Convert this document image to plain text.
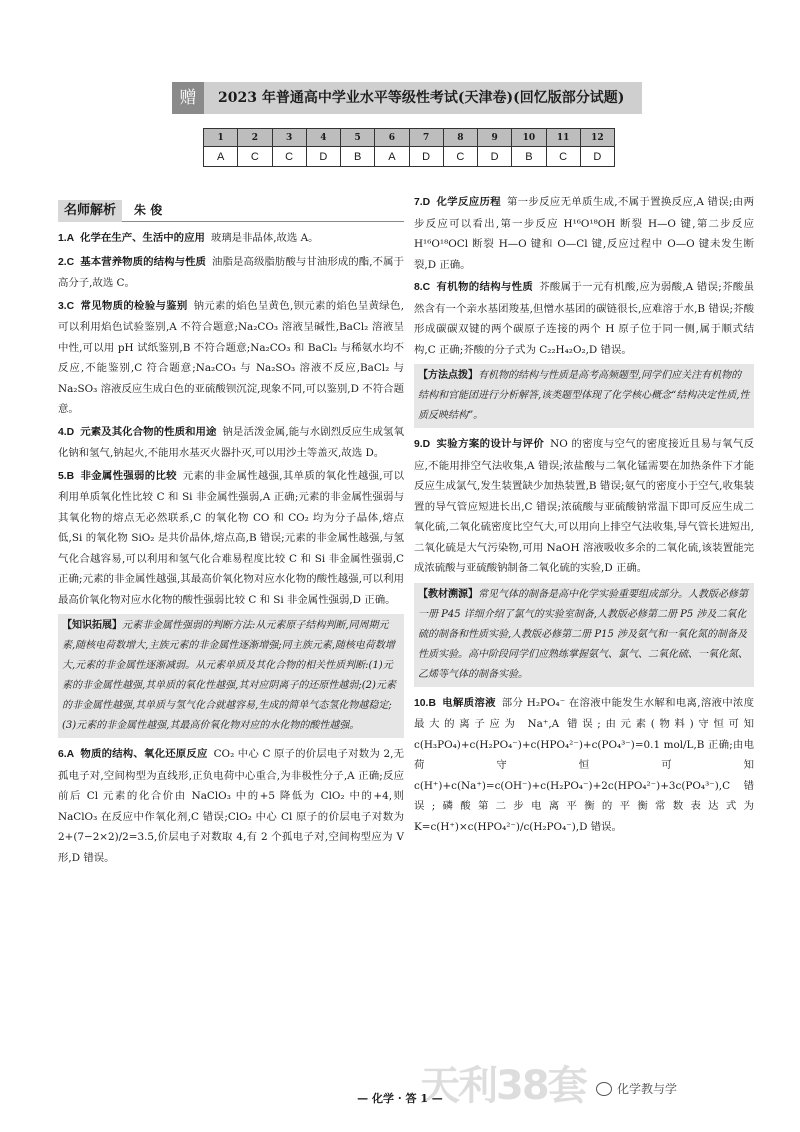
赠	2023 年普通高中学业水平等级性考试(天津卷)(回忆版部分试题)
1	2	3	4	5	6	7	8	9	10	11	12
A	C	C	D	B	A	D	C	D	B	C	D
名师解析	朱 俊
1.A 化学在生产、生活中的应用 玻璃是非晶体,故选 A。
2.C 基本营养物质的结构与性质 油脂是高级脂肪酸与甘油形成的酯,不属于高分子,故选 C。
3.C 常见物质的检验与鉴别 钠元素的焰色呈黄色,钡元素的焰色呈黄绿色,可以利用焰色试验鉴别,A 不符合题意;Na₂CO₃ 溶液呈碱性,BaCl₂ 溶液呈中性,可以用 pH 试纸鉴别,B 不符合题意;Na₂CO₃ 和 BaCl₂ 与稀氨水均不反应,不能鉴别,C 符合题意;Na₂CO₃ 与 Na₂SO₃ 溶液不反应,BaCl₂ 与 Na₂SO₃ 溶液反应生成白色的亚硫酸钡沉淀,现象不同,可以鉴别,D 不符合题意。
4.D 元素及其化合物的性质和用途 钠是活泼金属,能与水剧烈反应生成氢氧化钠和氢气,钠起火,不能用水基灭火器扑灭,可以用沙土等盖灭,故选 D。
5.B 非金属性强弱的比较 元素的非金属性越强,其单质的氧化性越强,可以利用单质氧化性比较 C 和 Si 非金属性强弱,A 正确;元素的非金属性强弱与其氧化物的熔点无必然联系,C 的氧化物 CO 和 CO₂ 均为分子晶体,熔点低,Si 的氧化物 SiO₂ 是共价晶体,熔点高,B 错误;元素的非金属性越强,与氢气化合越容易,可以利用和氢气化合难易程度比较 C 和 Si 非金属性强弱,C 正确;元素的非金属性越强,其最高价氧化物对应水化物的酸性越强,可以利用最高价氧化物对应水化物的酸性强弱比较 C 和 Si 非金属性强弱,D 正确。
【知识拓展】元素非金属性强弱的判断方法:从元素原子结构判断,同周期元素,随核电荷数增大,主族元素的非金属性逐渐增强;同主族元素,随核电荷数增大,元素的非金属性逐渐减弱。从元素单质及其化合物的相关性质判断:(1)元素的非金属性越强,其单质的氧化性越强,其对应阴离子的还原性越弱;(2)元素的非金属性越强,其单质与氢气化合就越容易,生成的简单气态氢化物越稳定;(3)元素的非金属性越强,其最高价氧化物对应的水化物的酸性越强。
6.A 物质的结构、氧化还原反应 CO₂ 中心 C 原子的价层电子对数为 2,无孤电子对,空间构型为直线形,正负电荷中心重合,为非极性分子,A 正确;反应前后 Cl 元素的化合价由 NaClO₃ 中的+5 降低为 ClO₂ 中的+4,则 NaClO₃ 在反应中作氧化剂,C 错误;ClO₂ 中心 Cl 原子的价层电子对数为 2+(7−2×2)/2=3.5,价层电子对数取 4,有 2 个孤电子对,空间构型应为 V 形,D 错误。
7.D 化学反应历程 第一步反应无单质生成,不属于置换反应,A 错误;由两步反应可以看出,第一步反应 H¹⁶O¹⁸OH 断裂 H—O 键,第二步反应 H¹⁶O¹⁸OCl 断裂 H—O 键和 O—Cl 键,反应过程中 O—O 键未发生断裂,D 正确。
8.C 有机物的结构与性质 芥酸属于一元有机酸,应为弱酸,A 错误;芥酸虽然含有一个亲水基团羧基,但憎水基团的碳链很长,应难溶于水,B 错误;芥酸形成碳碳双键的两个碳原子连接的两个 H 原子位于同一侧,属于顺式结构,C 正确;芥酸的分子式为 C₂₂H₄₂O₂,D 错误。
【方法点拨】有机物的结构与性质是高考高频题型,同学们应关注有机物的结构和官能团进行分析解答,该类题型体现了化学核心概念“结构决定性质,性质反映结构”。
9.D 实验方案的设计与评价 NO 的密度与空气的密度接近且易与氧气反应,不能用排空气法收集,A 错误;浓盐酸与二氧化锰需要在加热条件下才能反应生成氯气,发生装置缺少加热装置,B 错误;氨气的密度小于空气,收集装置的导气管应短进长出,C 错误;浓硫酸与亚硫酸钠常温下即可反应生成二氧化硫,二氧化硫密度比空气大,可以用向上排空气法收集,导气管长进短出,二氧化硫是大气污染物,可用 NaOH 溶液吸收多余的二氧化硫,该装置能完成浓硫酸与亚硫酸钠制备二氧化硫的实验,D 正确。
【教材溯源】常见气体的制备是高中化学实验重要组成部分。人教版必修第一册 P45 详细介绍了氯气的实验室制备,人教版必修第二册 P5 涉及二氧化硫的制备和性质实验,人教版必修第二册 P15 涉及氨气和一氧化氮的制备及性质实验。高中阶段同学们应熟练掌握氨气、氯气、二氧化硫、一氧化氮、乙烯等气体的制备实验。
10.B 电解质溶液 部分 H₂PO₄⁻ 在溶液中能发生水解和电离,溶液中浓度最大的离子应为 Na⁺,A 错误;由元素(物料)守恒可知 c(H₃PO₄)+c(H₂PO₄⁻)+c(HPO₄²⁻)+c(PO₄³⁻)=0.1 mol/L,B 正确;由电荷守恒可知 c(H⁺)+c(Na⁺)=c(OH⁻)+c(H₂PO₄⁻)+2c(HPO₄²⁻)+3c(PO₄³⁻),C 错误;磷酸第二步电离平衡的平衡常数表达式为 K=c(H⁺)×c(HPO₄²⁻)/c(H₂PO₄⁻),D 错误。
天利38套	化学教与学
— 化学 · 答 1 —
